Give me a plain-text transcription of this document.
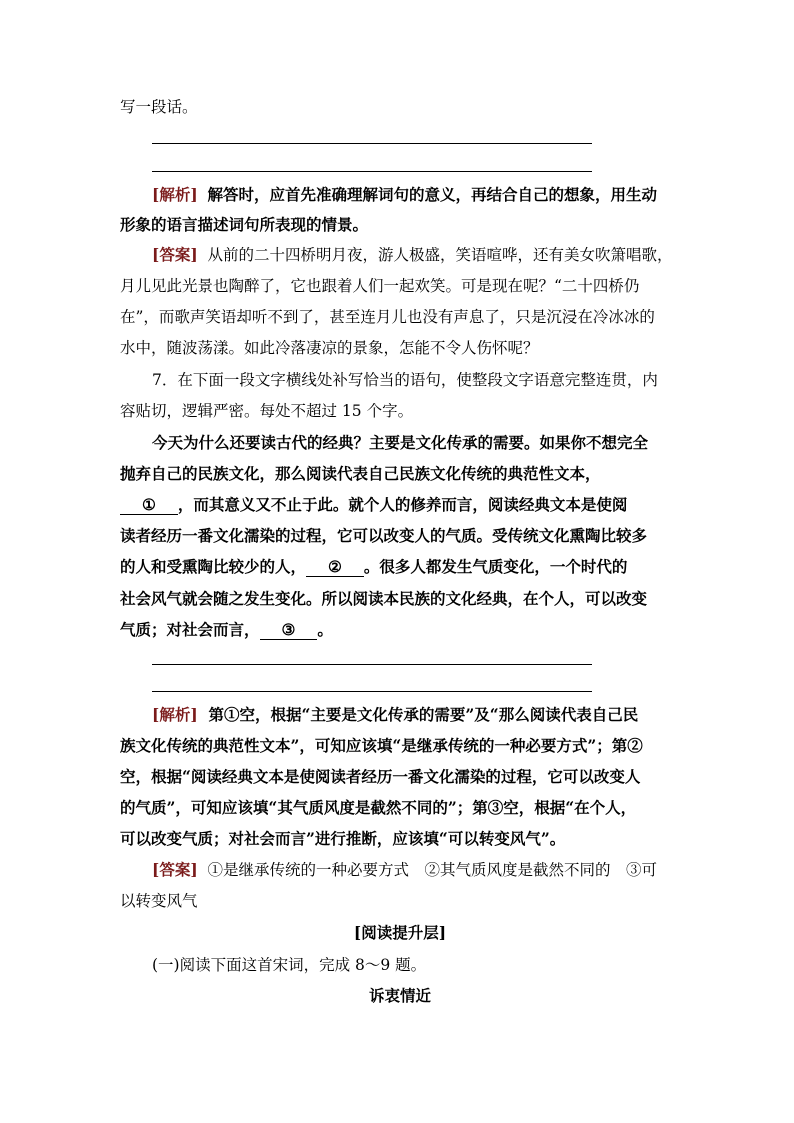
写一段话。
[解析] 解答时，应首先准确理解词句的意义，再结合自己的想象，用生动
形象的语言描述词句所表现的情景。
[答案] 从前的二十四桥明月夜，游人极盛，笑语喧哗，还有美女吹箫唱歌，
月儿见此光景也陶醉了，它也跟着人们一起欢笑。可是现在呢？“二十四桥仍
在”，而歌声笑语却听不到了，甚至连月儿也没有声息了，只是沉浸在冷冰冰的
水中，随波荡漾。如此冷落凄凉的景象，怎能不令人伤怀呢？
7．在下面一段文字横线处补写恰当的语句，使整段文字语意完整连贯，内
容贴切，逻辑严密。每处不超过 15 个字。
今天为什么还要读古代的经典？主要是文化传承的需要。如果你不想完全
抛弃自己的民族文化，那么阅读代表自己民族文化传统的典范性文本，
① ，而其意义又不止于此。就个人的修养而言，阅读经典文本是使阅
读者经历一番文化濡染的过程，它可以改变人的气质。受传统文化熏陶比较多
的人和受熏陶比较少的人， ② 。很多人都发生气质变化，一个时代的
社会风气就会随之发生变化。所以阅读本民族的文化经典，在个人，可以改变
气质；对社会而言， ③ 。
[解析] 第①空，根据“主要是文化传承的需要”及“那么阅读代表自己民
族文化传统的典范性文本”，可知应该填“是继承传统的一种必要方式”；第②
空，根据“阅读经典文本是使阅读者经历一番文化濡染的过程，它可以改变人
的气质”，可知应该填“其气质风度是截然不同的”；第③空，根据“在个人，
可以改变气质；对社会而言”进行推断，应该填“可以转变风气”。
[答案] ①是继承传统的一种必要方式　②其气质风度是截然不同的　③可
以转变风气
[阅读提升层]
(一)阅读下面这首宋词，完成 8～9 题。
诉衷情近
